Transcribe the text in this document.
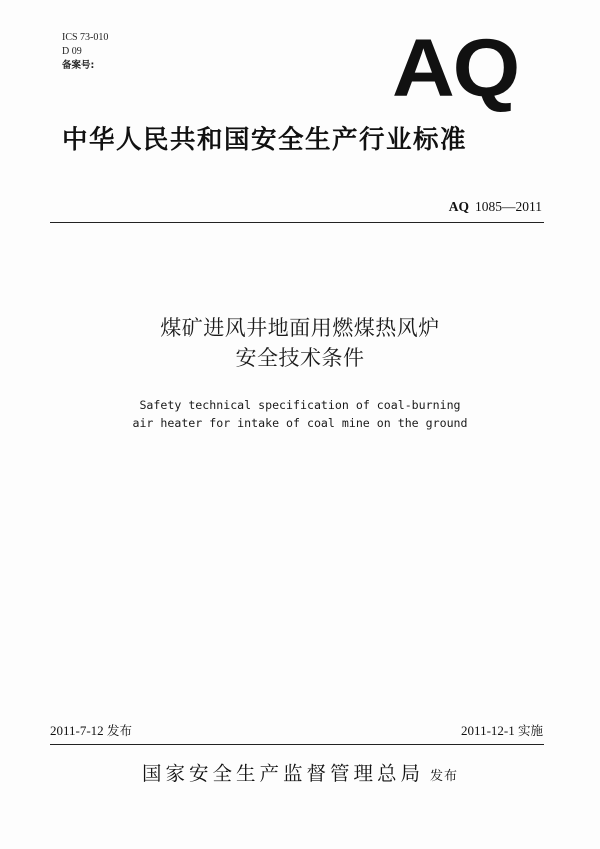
ICS 73-010
D 09
备案号:	AQ
中华人民共和国安全生产行业标准
AQ 1085—2011
煤矿进风井地面用燃煤热风炉
安全技术条件
Safety technical specification of coal-burning
air heater for intake of coal mine on the ground
2011-7-12 发布	2011-12-1 实施
国家安全生产监督管理总局 发布
